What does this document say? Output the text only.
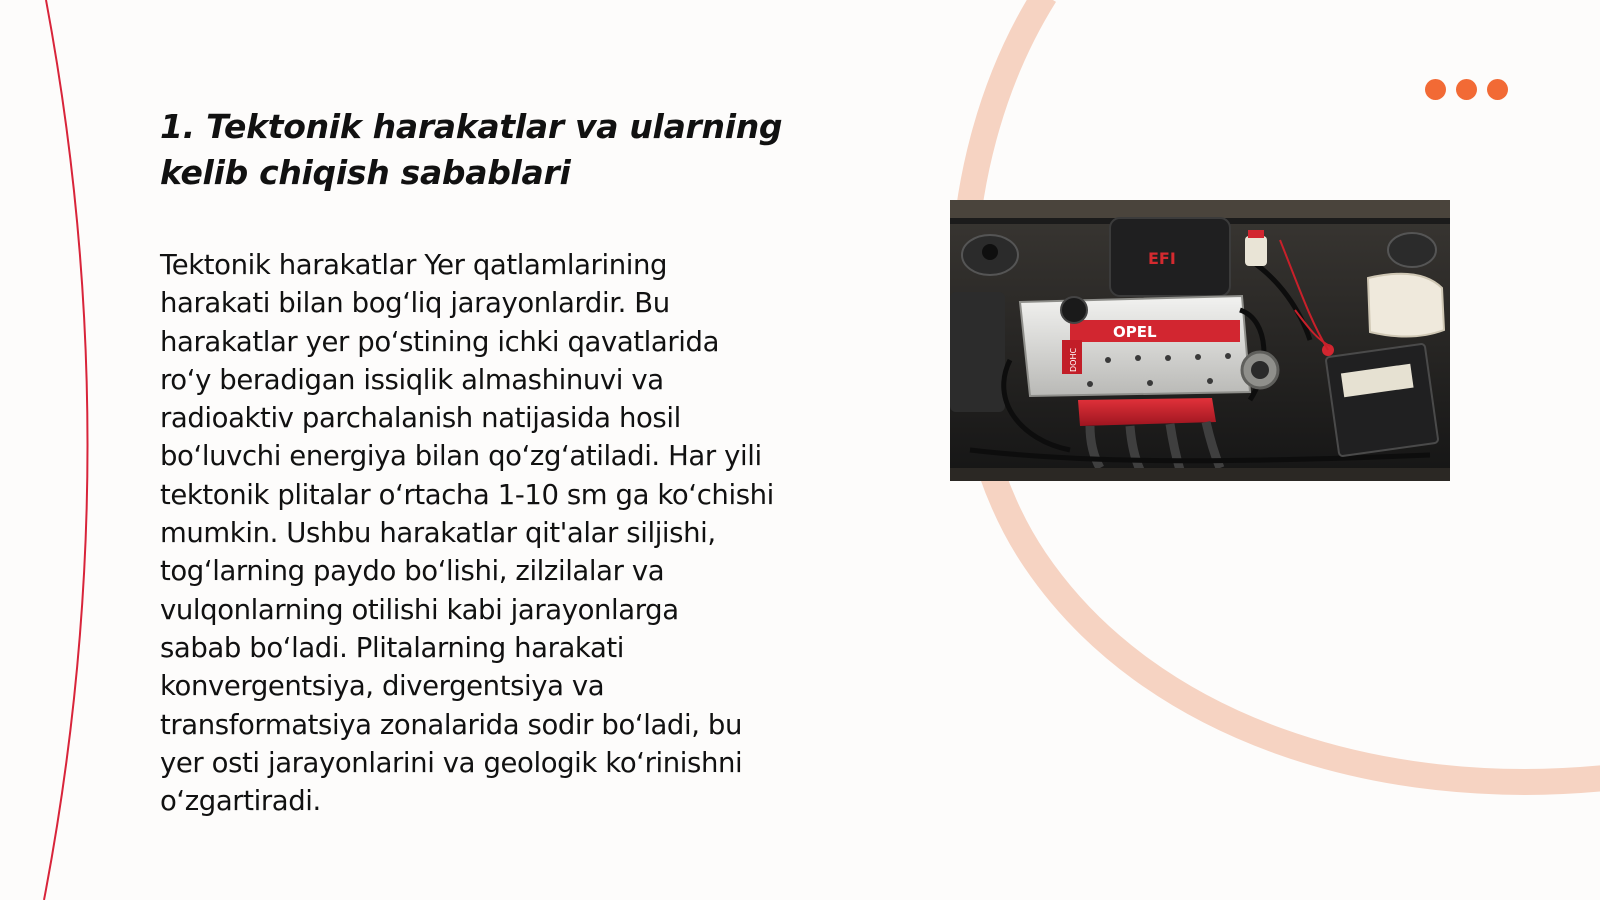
1. Tektonik harakatlar va ularning
kelib chiqish sabablari

Tektonik harakatlar Yer qatlamlarining
harakati bilan bog‘liq jarayonlardir. Bu
harakatlar yer po‘stining ichki qavatlarida
ro‘y beradigan issiqlik almashinuvi va
radioaktiv parchalanish natijasida hosil
bo‘luvchi energiya bilan qo‘zg‘atiladi. Har yili
tektonik plitalar o‘rtacha 1-10 sm ga ko‘chishi
mumkin. Ushbu harakatlar qit'alar siljishi,
tog‘larning paydo bo‘lishi, zilzilalar va
vulqonlarning otilishi kabi jarayonlarga
sabab bo‘ladi. Plitalarning harakati
konvergentsiya, divergentsiya va
transformatsiya zonalarida sodir bo‘ladi, bu
yer osti jarayonlarini va geologik ko‘rinishni
o‘zgartiradi.

EFI
OPEL
DOHC
